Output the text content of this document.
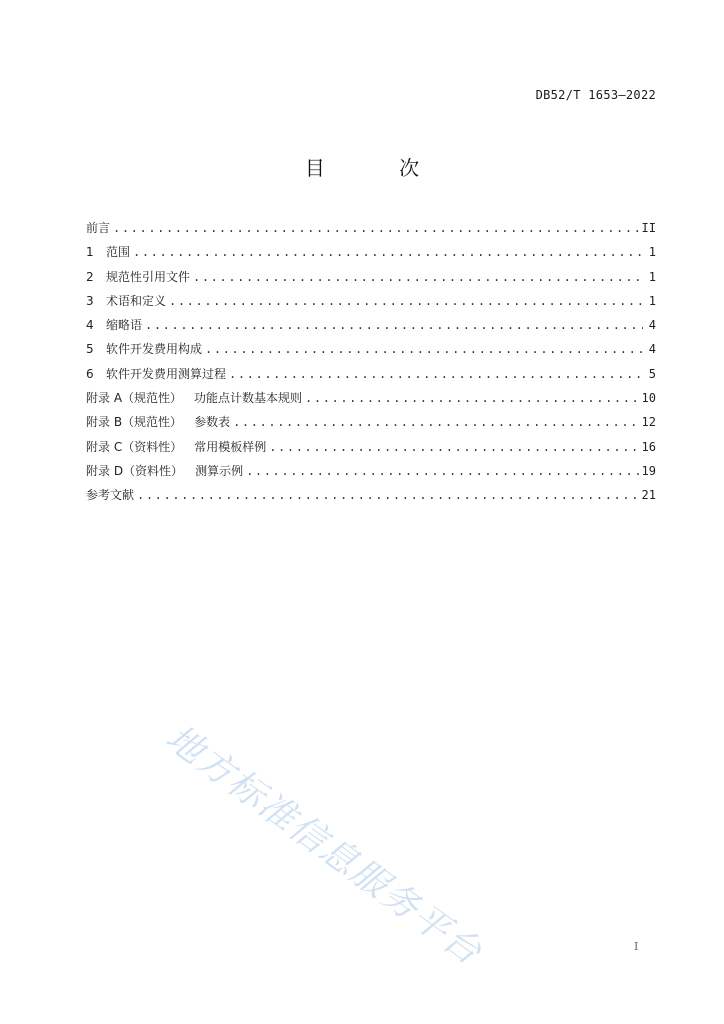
DB52/T 1653—2022
目 次
前言 .....	II
1	范围 .....	1
2	规范性引用文件 .....	1
3	术语和定义 .....	1
4	缩略语 .....	4
5	软件开发费用构成 .....	4
6	软件开发费用测算过程 .....	5
附录 A（规范性） 功能点计数基本规则 .....	10
附录 B（规范性） 参数表 .....	12
附录 C（资料性） 常用模板样例 .....	16
附录 D（资料性） 测算示例 .....	19
参考文献 .....	21
地方标准信息服务平台	I
